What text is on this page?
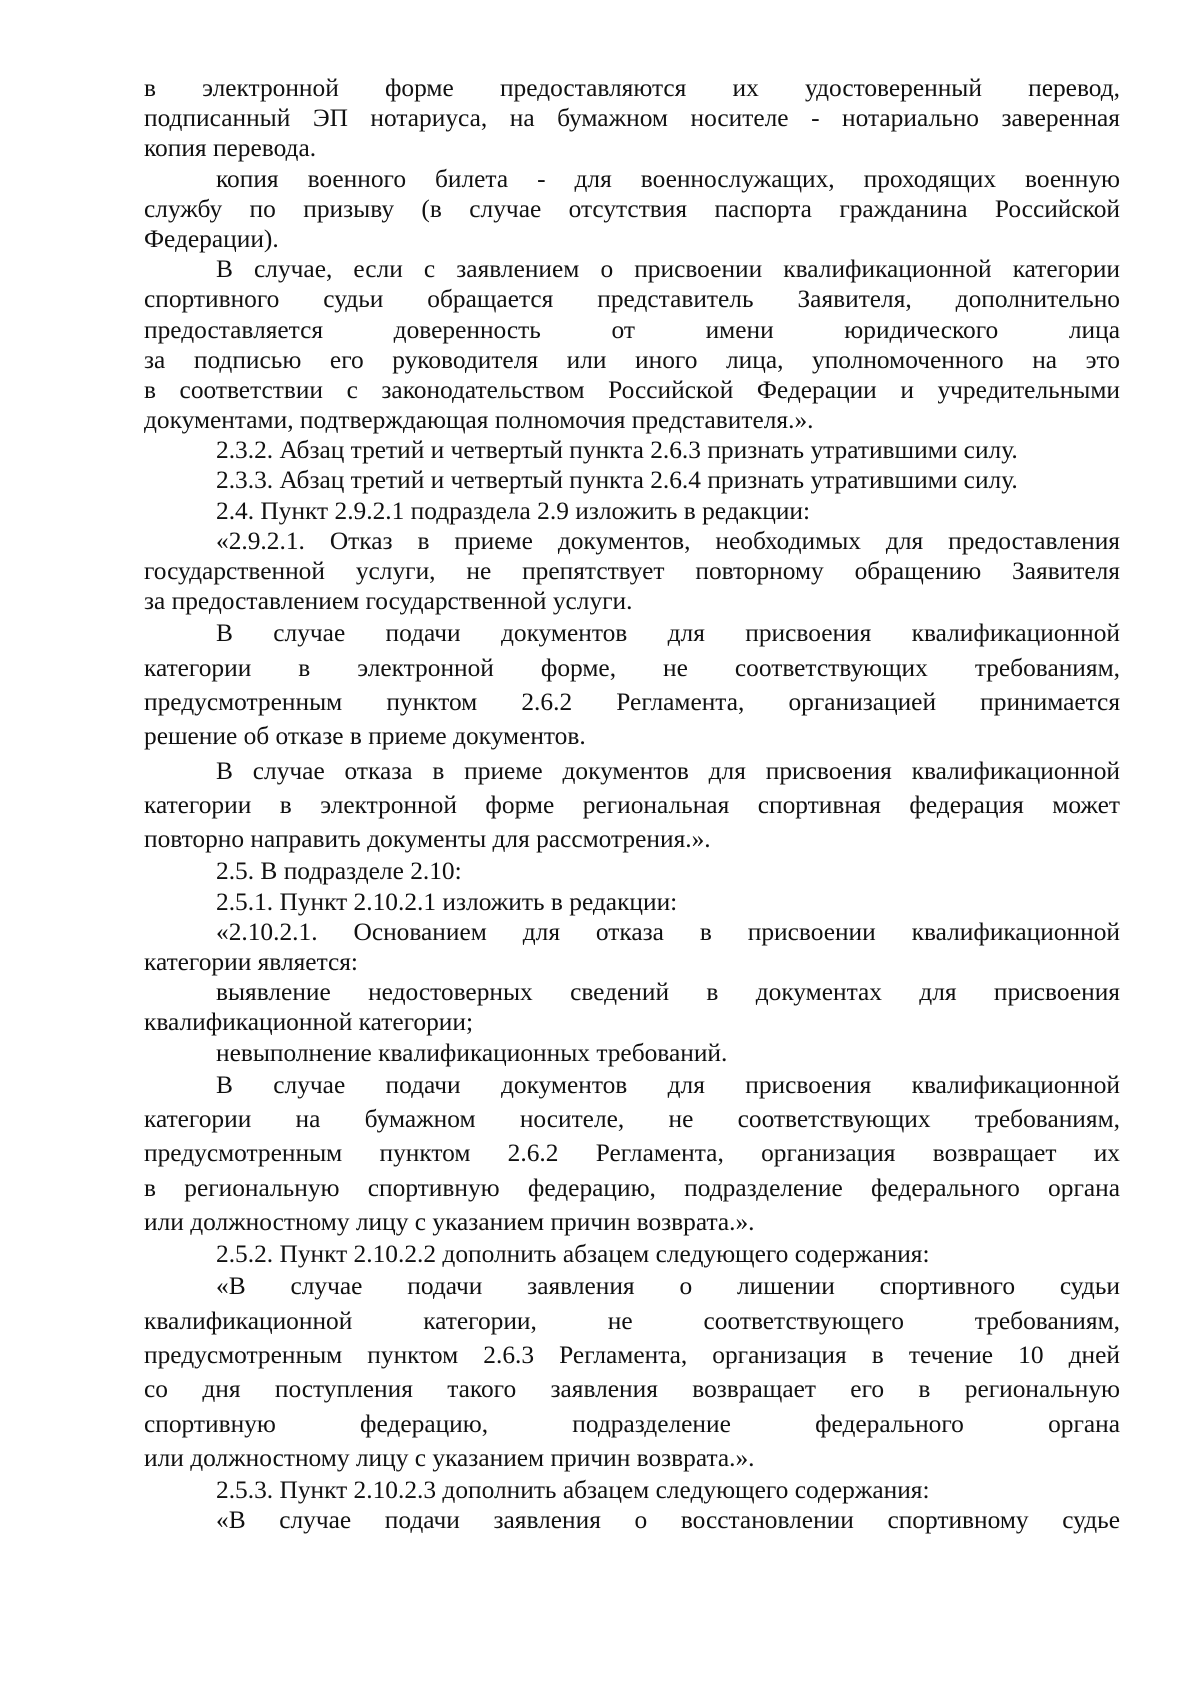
в электронной форме предоставляются их удостоверенный перевод,
подписанный ЭП нотариуса, на бумажном носителе - нотариально заверенная
копия перевода.
копия военного билета - для военнослужащих, проходящих военную
службу по призыву (в случае отсутствия паспорта гражданина Российской
Федерации).
В случае, если с заявлением о присвоении квалификационной категории
спортивного судьи обращается представитель Заявителя, дополнительно
предоставляется доверенность от имени юридического лица
за подписью его руководителя или иного лица, уполномоченного на это
в соответствии с законодательством Российской Федерации и учредительными
документами, подтверждающая полномочия представителя.».
2.3.2. Абзац третий и четвертый пункта 2.6.3 признать утратившими силу.
2.3.3. Абзац третий и четвертый пункта 2.6.4 признать утратившими силу.
2.4. Пункт 2.9.2.1 подраздела 2.9 изложить в редакции:
«2.9.2.1. Отказ в приеме документов, необходимых для предоставления
государственной услуги, не препятствует повторному обращению Заявителя
за предоставлением государственной услуги.
В случае подачи документов для присвоения квалификационной
категории в электронной форме, не соответствующих требованиям,
предусмотренным пунктом 2.6.2 Регламента, организацией принимается
решение об отказе в приеме документов.
В случае отказа в приеме документов для присвоения квалификационной
категории в электронной форме региональная спортивная федерация может
повторно направить документы для рассмотрения.».
2.5. В подразделе 2.10:
2.5.1. Пункт 2.10.2.1 изложить в редакции:
«2.10.2.1. Основанием для отказа в присвоении квалификационной
категории является:
выявление недостоверных сведений в документах для присвоения
квалификационной категории;
невыполнение квалификационных требований.
В случае подачи документов для присвоения квалификационной
категории на бумажном носителе, не соответствующих требованиям,
предусмотренным пунктом 2.6.2 Регламента, организация возвращает их
в региональную спортивную федерацию, подразделение федерального органа
или должностному лицу с указанием причин возврата.».
2.5.2. Пункт 2.10.2.2 дополнить абзацем следующего содержания:
«В случае подачи заявления о лишении спортивного судьи
квалификационной категории, не соответствующего требованиям,
предусмотренным пунктом 2.6.3 Регламента, организация в течение 10 дней
со дня поступления такого заявления возвращает его в региональную
спортивную федерацию, подразделение федерального органа
или должностному лицу с указанием причин возврата.».
2.5.3. Пункт 2.10.2.3 дополнить абзацем следующего содержания:
«В случае подачи заявления о восстановлении спортивному судье
